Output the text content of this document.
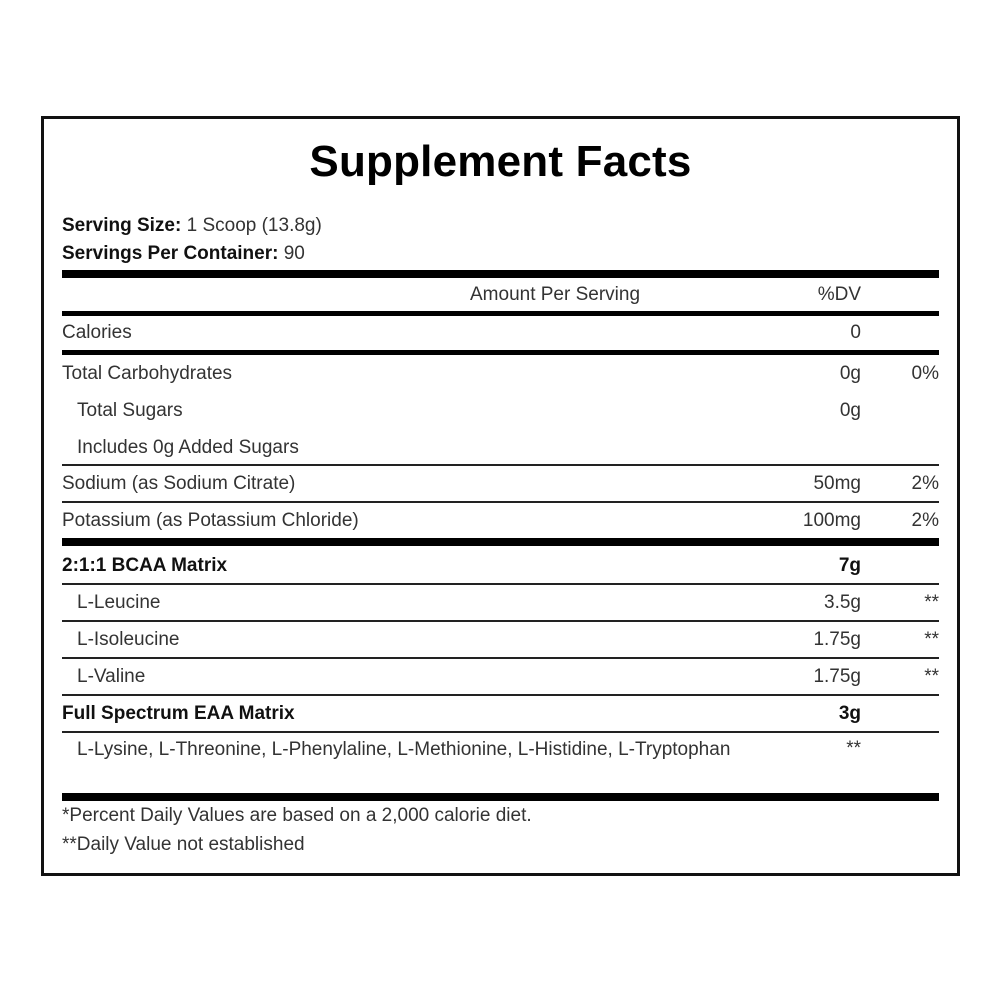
Supplement Facts
Serving Size: 1 Scoop (13.8g)
Servings Per Container: 90
Amount Per Serving	%DV
Calories	0
Total Carbohydrates	0g	0%
Total Sugars	0g
Includes 0g Added Sugars
Sodium (as Sodium Citrate)	50mg	2%
Potassium (as Potassium Chloride)	100mg	2%
2:1:1 BCAA Matrix	7g
L-Leucine	3.5g	**
L-Isoleucine	1.75g	**
L-Valine	1.75g	**
Full Spectrum EAA Matrix	3g
L-Lysine, L-Threonine, L-Phenylaline, L-Methionine, L-Histidine, L-Tryptophan	**
*Percent Daily Values are based on a 2,000 calorie diet.
**Daily Value not established
